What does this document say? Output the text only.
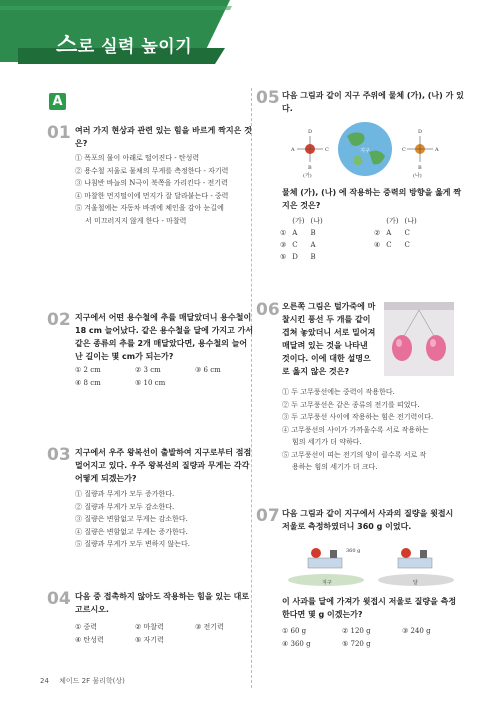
스로 실력 높이기
A
01 여러 가지 현상과 관련 있는 힘을 바르게 짝지은 것
은?
① 폭포의 물이 아래로 떨어진다 - 탄성력
② 용수철 저울로 물체의 무게를 측정한다 - 자기력
③ 나침반 바늘의 N극이 북쪽을 가리킨다 - 전기력
④ 마찰한 먼지떨이에 먼지가 잘 달라붙는다 - 중력
⑤ 겨울철에는 자동차 바퀴에 체인을 감아 눈길에
서 미끄러지지 않게 한다 - 마찰력
02 지구에서 어떤 용수철에 추를 매달았더니 용수철이
18 cm 늘어났다. 같은 용수철을 달에 가지고 가서
같은 종류의 추를 2개 매달았다면, 용수철의 늘어
난 길이는 몇 cm가 되는가?
① 2 cm	② 3 cm	③ 6 cm
④ 8 cm	⑤ 10 cm
03 지구에서 우주 왕복선이 출발하여 지구로부터 점점
멀어지고 있다. 우주 왕복선의 질량과 무게는 각각
어떻게 되겠는가?
① 질량과 무게가 모두 증가한다.
② 질량과 무게가 모두 감소한다.
③ 질량은 변함없고 무게는 감소한다.
④ 질량은 변함없고 무게는 증가한다.
⑤ 질량과 무게가 모두 변하지 않는다.
04 다음 중 접촉하지 않아도 작용하는 힘을 있는 대로
고르시오.
① 중력	② 마찰력	③ 전기력
④ 탄성력	⑤ 자기력
05 다음 그림과 같이 지구 주위에 물체 (가), (나) 가 있
다.
지구
A	C
D
B
C	A
D
B
(가)	(나)
물체 (가), (나) 에 작용하는 중력의 방향을 옳게 짝
지은 것은?
	(가)	(나)
①	A	B
③	C	A
⑤	D	B
	(가)	(나)
②	A	C
④	C	C
06 오른쪽 그림은 털가죽에 마
찰시킨 풍선 두 개를 같이
겹쳐 놓았더니 서로 밀어져
매달려 있는 것을 나타낸
것이다. 이에 대한 설명으
로 옳지 않은 것은?
① 두 고무풍선에는 중력이 작용한다.
② 두 고무풍선은 같은 종류의 전기를 띠었다.
③ 두 고무풍선 사이에 작용하는 힘은 전기력이다.
④ 고무풍선의 사이가 가까울수록 서로 작용하는
힘의 세기가 더 약하다.
⑤ 고무풍선이 띠는 전기의 양이 클수록 서로 작
용하는 힘의 세기가 더 크다.
07 다음 그림과 같이 지구에서 사과의 질량을 윗접시
저울로 측정하였더니 360 g 이었다.
360 g
지구	달
이 사과를 달에 가져가 윗접시 저울로 질량을 측정
한다면 몇 g 이겠는가?
① 60 g	② 120 g	③ 240 g
④ 360 g	⑤ 720 g
24 체이드 2F 물리학(상)
